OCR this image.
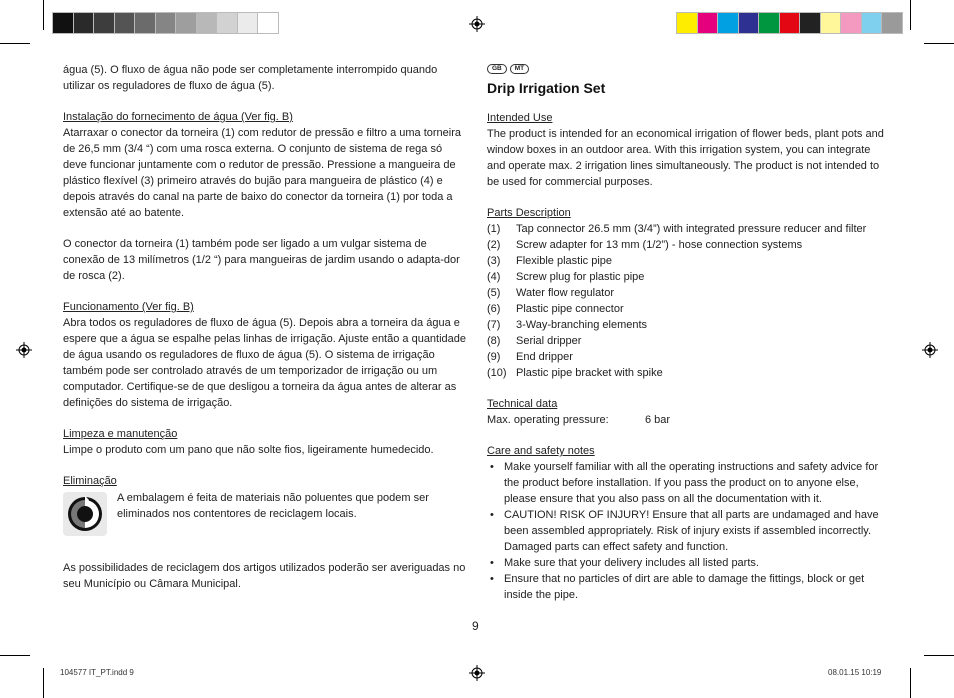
água (5). O fluxo de água não pode ser completamente interrompido quando utilizar os reguladores de fluxo de água (5).

Instalação do fornecimento de água (Ver fig. B)

Atarraxar o conector da torneira (1) com redutor de pressão e filtro a uma torneira de 26,5 mm (3/4 “) com uma rosca externa. O conjunto de sistema de rega só deve funcionar juntamente com o redutor de pressão. Pressione a mangueira de plástico flexível (3) primeiro através do bujão para mangueira de plástico (4) e depois através do canal na parte de baixo do conector da torneira (1) por toda a extensão até ao batente.

O conector da torneira (1) também pode ser ligado a um vulgar sistema de conexão de 13 milímetros (1/2 “) para mangueiras de jardim usando o adapta-dor de rosca (2).

Funcionamento (Ver fig. B)

Abra todos os reguladores de fluxo de água (5). Depois abra a torneira da água e espere que a água se espalhe pelas linhas de irrigação. Ajuste então a quantidade de água usando os reguladores de fluxo de água (5). O sistema de irrigação também pode ser controlado através de um temporizador de irrigação ou um computador. Certifique-se de que desligou a torneira da água antes de alterar as definições do sistema de irrigação.

Limpeza e manutenção

Limpe o produto com um pano que não solte fios, ligeiramente humedecido.

Eliminação

A embalagem é feita de materiais não poluentes que podem ser eliminados nos contentores de reciclagem locais.

As possibilidades de reciclagem dos artigos utilizados poderão ser averiguadas no seu Município ou Câmara Municipal.

GB MT
Drip Irrigation Set
Intended Use

The product is intended for an economical irrigation of flower beds, plant pots and window boxes in an outdoor area. With this irrigation system, you can integrate and operate max. 2 irrigation lines simultaneously. The product is not intended to be used for commercial purposes.

Parts Description
(1)	Tap connector 26.5 mm (3/4”) with integrated pressure reducer and filter
(2)	Screw adapter for 13 mm (1/2”) - hose connection systems
(3)	Flexible plastic pipe
(4)	Screw plug for plastic pipe
(5)	Water flow regulator
(6)	Plastic pipe connector
(7)	3-Way-branching elements
(8)	Serial dripper
(9)	End dripper
(10) Plastic pipe bracket with spike
Technical data
Max. operating pressure:	6 bar
Care and safety notes
• Make yourself familiar with all the operating instructions and safety advice for the product before installation. If you pass the product on to anyone else, please ensure that you also pass on all the documentation with it.
• CAUTION! RISK OF INJURY! Ensure that all parts are undamaged and have been assembled appropriately. Risk of injury exists if assembled incorrectly. Damaged parts can effect safety and function.
• Make sure that your delivery includes all listed parts.
• Ensure that no particles of dirt are able to damage the fittings, block or get inside the pipe.
9
104577 IT_PT.indd 9	08.01.15 10:19
